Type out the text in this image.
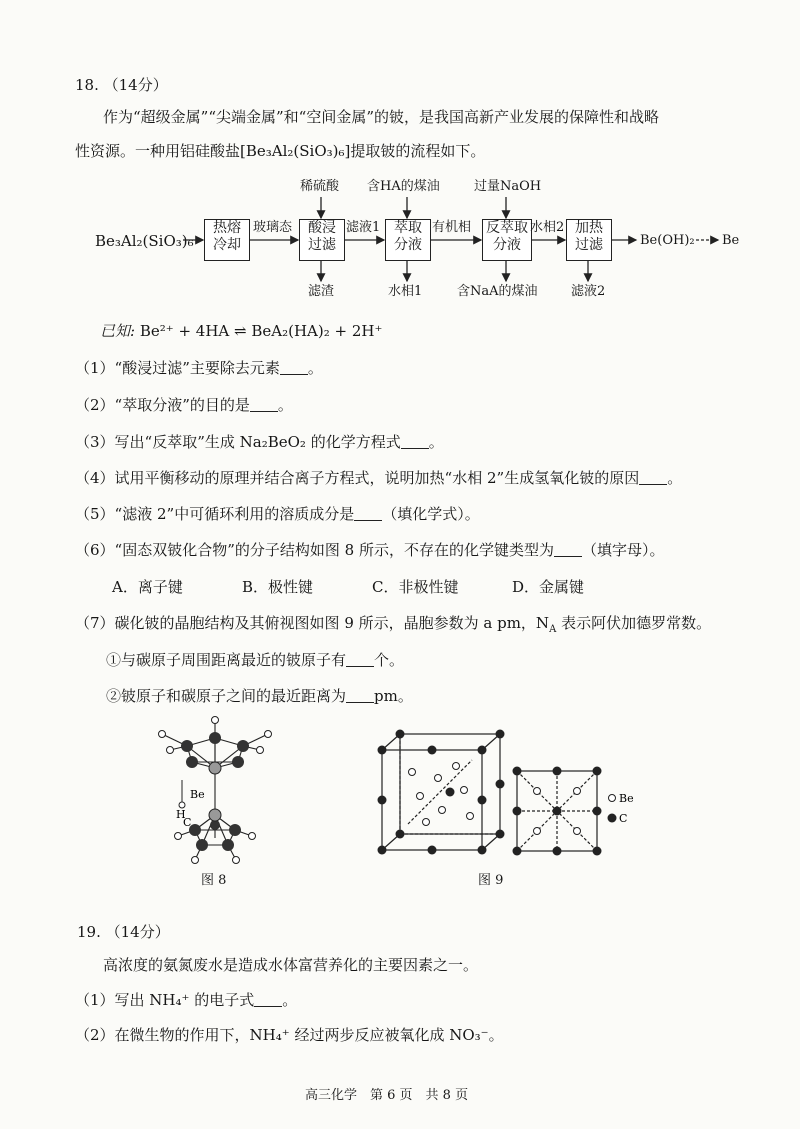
18. （14分）
作为“超级金属”“尖端金属”和“空间金属”的铍，是我国高新产业发展的保障性和战略
性资源。一种用铝硅酸盐[Be₃Al₂(SiO₃)₆]提取铍的流程如下。
Be₃Al₂(SiO₃)₆
稀硫酸 含HA的煤油	过量NaOH
热熔
冷却
酸浸
过滤
萃取
分液
反萃取
分液
加热
过滤
玻璃态	滤液1	有机相	水相2
Be(OH)₂ Be
滤渣	水相1	含NaA的煤油	滤液2
已知: Be²⁺ + 4HA ⇌ BeA₂(HA)₂ + 2H⁺
（1）“酸浸过滤”主要除去元素 。
（2）“萃取分液”的目的是 。
（3）写出“反萃取”生成 Na₂BeO₂ 的化学方程式 。
（4）试用平衡移动的原理并结合离子方程式，说明加热“水相 2”生成氢氧化铍的原因 。
（5）“滤液 2”中可循环利用的溶质成分是 （填化学式）。
（6）“固态双铍化合物”的分子结构如图 8 所示，不存在的化学键类型为 （填字母）。
A．离子键	B．极性键	C．非极性键	D．金属键
（7）碳化铍的晶胞结构及其俯视图如图 9 所示，晶胞参数为 a pm，$N_A$ 表示阿伏加德罗常数。
①与碳原子周围距离最近的铍原子有 个。
②铍原子和碳原子之间的最近距离为 pm。
H
Be
C
图 8
Be
C
图 9
19. （14分）
高浓度的氨氮废水是造成水体富营养化的主要因素之一。
（1）写出 NH₄⁺ 的电子式 。
（2）在微生物的作用下，NH₄⁺ 经过两步反应被氧化成 NO₃⁻。
高三化学　第 6 页　共 8 页
